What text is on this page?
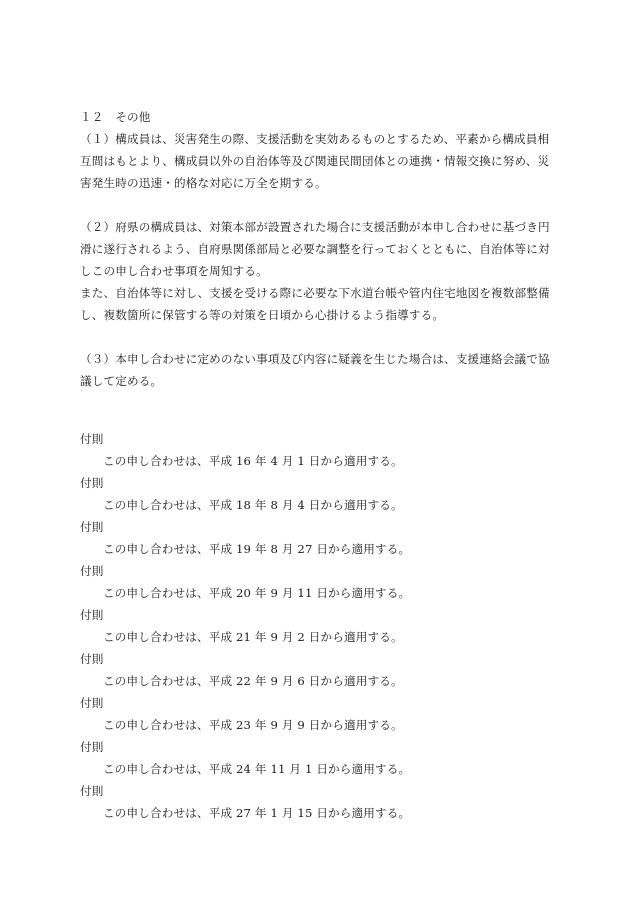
１２　その他
（１）構成員は、災害発生の際、支援活動を実効あるものとするため、平素から構成員相
互間はもとより、構成員以外の自治体等及び関連民間団体との連携・情報交換に努め、災
害発生時の迅速・的格な対応に万全を期する。
（２）府県の構成員は、対策本部が設置された場合に支援活動が本申し合わせに基づき円
滑に遂行されるよう、自府県関係部局と必要な調整を行っておくとともに、自治体等に対
しこの申し合わせ事項を周知する。
また、自治体等に対し、支援を受ける際に必要な下水道台帳や管内住宅地図を複数部整備
し、複数箇所に保管する等の対策を日頃から心掛けるよう指導する。
（３）本申し合わせに定めのない事項及び内容に疑義を生じた場合は、支援連絡会議で協
議して定める。
付則
この申し合わせは、平成 16 年 4 月 1 日から適用する。
付則
この申し合わせは、平成 18 年 8 月 4 日から適用する。
付則
この申し合わせは、平成 19 年 8 月 27 日から適用する。
付則
この申し合わせは、平成 20 年 9 月 11 日から適用する。
付則
この申し合わせは、平成 21 年 9 月 2 日から適用する。
付則
この申し合わせは、平成 22 年 9 月 6 日から適用する。
付則
この申し合わせは、平成 23 年 9 月 9 日から適用する。
付則
この申し合わせは、平成 24 年 11 月 1 日から適用する。
付則
この申し合わせは、平成 27 年 1 月 15 日から適用する。
